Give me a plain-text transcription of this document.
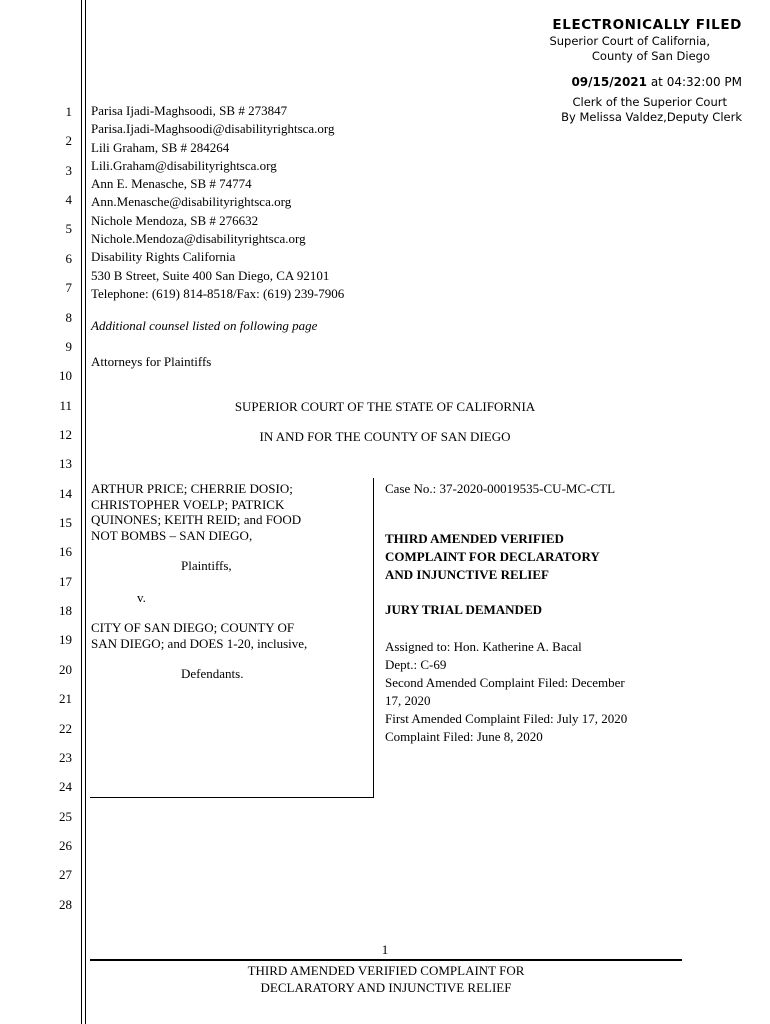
1
2
3
4
5
6
7
8
9
10
11
12
13
14
15
16
17
18
19
20
21
22
23
24
25
26
27
28
ELECTRONICALLY FILED
Superior Court of California,
County of San Diego
09/15/2021 at 04:32:00 PM
Clerk of the Superior Court
By Melissa Valdez,Deputy Clerk
Parisa Ijadi-Maghsoodi, SB # 273847
Parisa.Ijadi-Maghsoodi@disabilityrightsca.org
Lili Graham, SB # 284264
Lili.Graham@disabilityrightsca.org
Ann E. Menasche, SB # 74774
Ann.Menasche@disabilityrightsca.org
Nichole Mendoza, SB # 276632
Nichole.Mendoza@disabilityrightsca.org
Disability Rights California
530 B Street, Suite 400 San Diego, CA 92101
Telephone: (619) 814-8518/Fax: (619) 239-7906
Additional counsel listed on following page
Attorneys for Plaintiffs
SUPERIOR COURT OF THE STATE OF CALIFORNIA
IN AND FOR THE COUNTY OF SAN DIEGO
ARTHUR PRICE; CHERRIE DOSIO;
CHRISTOPHER VOELP; PATRICK
QUINONES; KEITH REID; and FOOD
NOT BOMBS – SAN DIEGO,
Plaintiffs,
v.
CITY OF SAN DIEGO; COUNTY OF
SAN DIEGO; and DOES 1-20, inclusive,
Defendants.
Case No.: 37-2020-00019535-CU-MC-CTL
THIRD AMENDED VERIFIED
COMPLAINT FOR DECLARATORY
AND INJUNCTIVE RELIEF
JURY TRIAL DEMANDED
Assigned to: Hon. Katherine A. Bacal
Dept.: C-69
Second Amended Complaint Filed: December
17, 2020
First Amended Complaint Filed: July 17, 2020
Complaint Filed: June 8, 2020
1
THIRD AMENDED VERIFIED COMPLAINT FOR
DECLARATORY AND INJUNCTIVE RELIEF
